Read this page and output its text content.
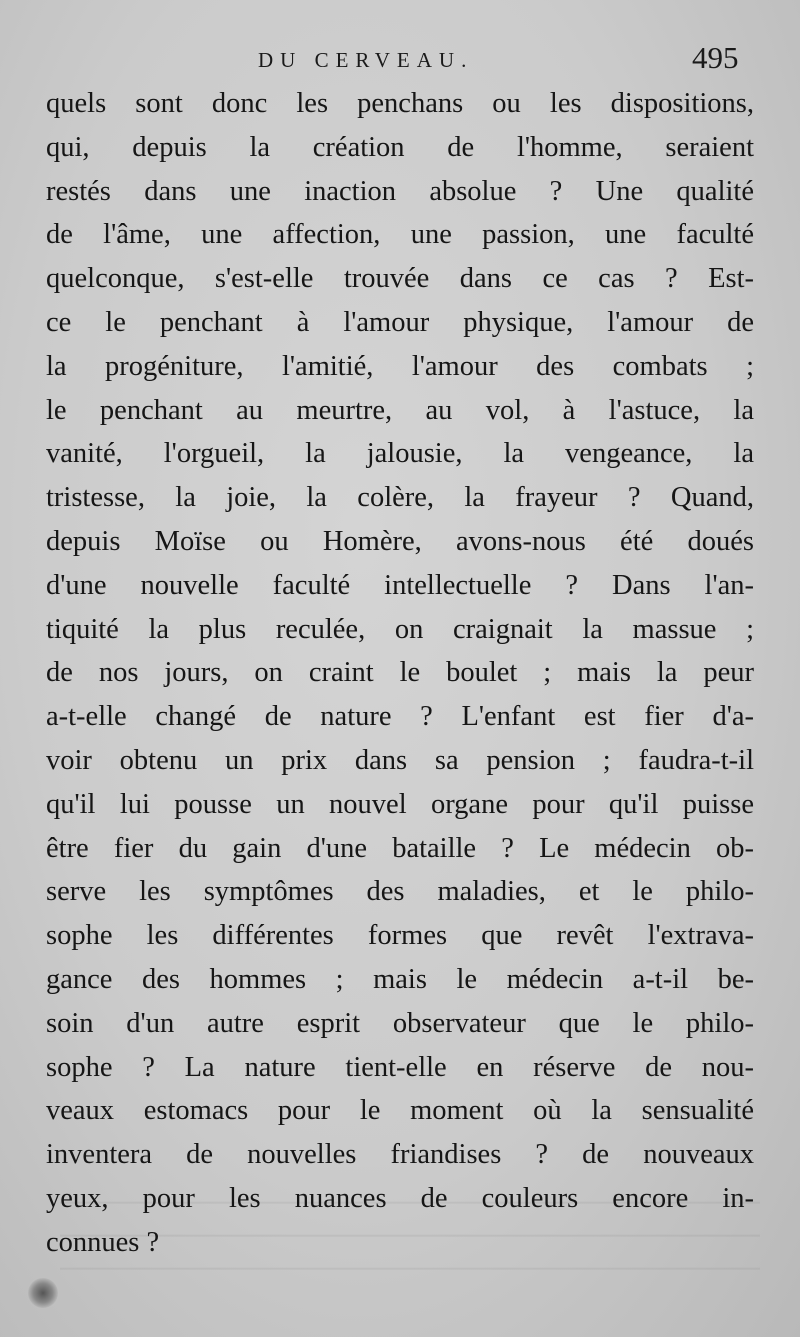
DU CERVEAU.	495
quels sont donc les penchans ou les dispositions,
qui, depuis la création de l'homme, seraient
restés dans une inaction absolue ? Une qualité
de l'âme, une affection, une passion, une faculté
quelconque, s'est-elle trouvée dans ce cas ? Est-
ce le penchant à l'amour physique, l'amour de
la progéniture, l'amitié, l'amour des combats ;
le penchant au meurtre, au vol, à l'astuce, la
vanité, l'orgueil, la jalousie, la vengeance, la
tristesse, la joie, la colère, la frayeur ? Quand,
depuis Moïse ou Homère, avons-nous été doués
d'une nouvelle faculté intellectuelle ? Dans l'an-
tiquité la plus reculée, on craignait la massue ;
de nos jours, on craint le boulet ; mais la peur
a-t-elle changé de nature ? L'enfant est fier d'a-
voir obtenu un prix dans sa pension ; faudra-t-il
qu'il lui pousse un nouvel organe pour qu'il puisse
être fier du gain d'une bataille ? Le médecin ob-
serve les symptômes des maladies, et le philo-
sophe les différentes formes que revêt l'extrava-
gance des hommes ; mais le médecin a-t-il be-
soin d'un autre esprit observateur que le philo-
sophe ? La nature tient-elle en réserve de nou-
veaux estomacs pour le moment où la sensualité
inventera de nouvelles friandises ? de nouveaux
yeux, pour les nuances de couleurs encore in-
connues ?
